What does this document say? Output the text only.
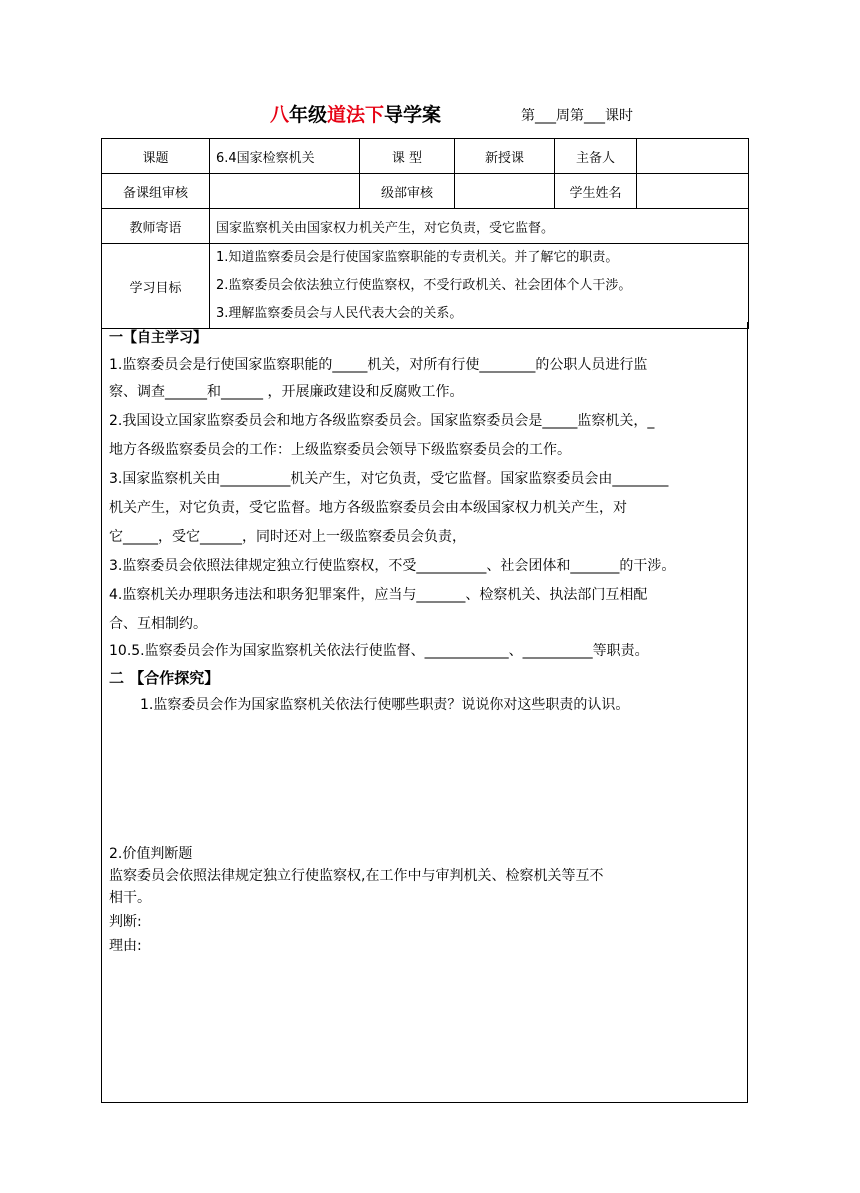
八年级道法下导学案	第___周第___课时
课题	6.4国家检察机关	课 型	新授课	主备人	
备课组审核		级部审核		学生姓名	
教师寄语	国家监察机关由国家权力机关产生，对它负责，受它监督。				
学习目标	1.知道监察委员会是行使国家监察职能的专责机关。并了解它的职责。
2.监察委员会依法独立行使监察权，不受行政机关、社会团体个人干涉。
3.理解监察委员会与人民代表大会的关系。				
一【自主学习】
1.监察委员会是行使国家监察职能的_____机关，对所有行使________的公职人员进行监
察、调查______和______ ，开展廉政建设和反腐败工作。
2.我国设立国家监察委员会和地方各级监察委员会。国家监察委员会是_____监察机关，_
地方各级监察委员会的工作：上级监察委员会领导下级监察委员会的工作。
3.国家监察机关由__________机关产生，对它负责，受它监督。国家监察委员会由________
机关产生，对它负责，受它监督。地方各级监察委员会由本级国家权力机关产生，对
它_____，受它______，同时还对上一级监察委员会负责，
3.监察委员会依照法律规定独立行使监察权，不受__________、社会团体和_______的干涉。
4.监察机关办理职务违法和职务犯罪案件，应当与_______、检察机关、执法部门互相配
合、互相制约。
10.5.监察委员会作为国家监察机关依法行使监督、____________、__________等职责。
二 【合作探究】
1.监察委员会作为国家监察机关依法行使哪些职责？说说你对这些职责的认识。
2.价值判断题
监察委员会依照法律规定独立行使监察权,在工作中与审判机关、检察机关等互不
相干。
判断:
理由:
